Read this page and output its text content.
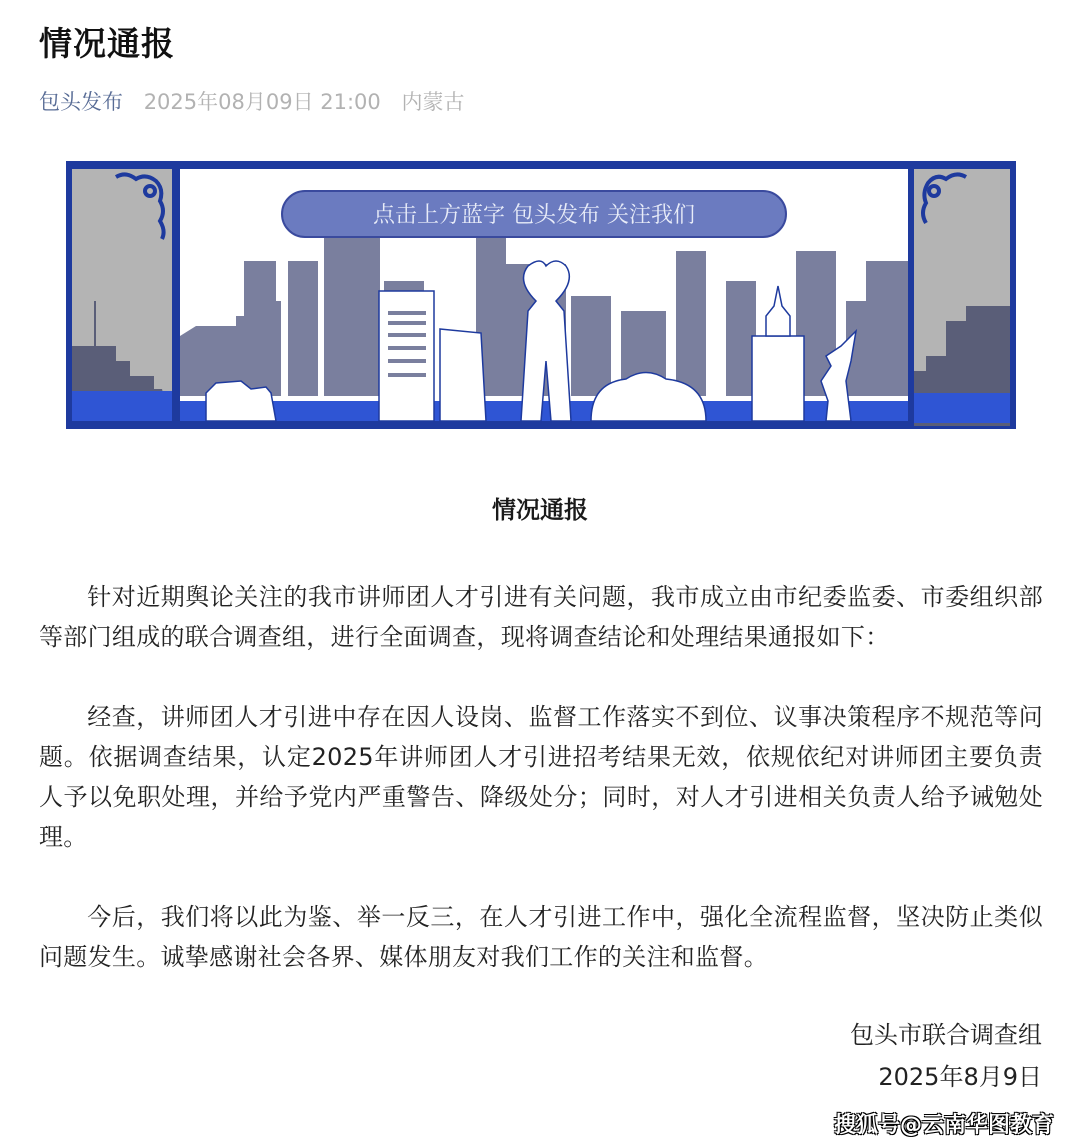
情况通报
包头发布 2025年08月09日 21:00 内蒙古
点击上方蓝字 包头发布 关注我们
情况通报
针对近期舆论关注的我市讲师团人才引进有关问题，我市成立由市纪委监委、市委组织部等部门组成的联合调查组，进行全面调查，现将调查结论和处理结果通报如下：
经查，讲师团人才引进中存在因人设岗、监督工作落实不到位、议事决策程序不规范等问题。依据调查结果，认定2025年讲师团人才引进招考结果无效，依规依纪对讲师团主要负责人予以免职处理，并给予党内严重警告、降级处分；同时，对人才引进相关负责人给予诫勉处理。
今后，我们将以此为鉴、举一反三，在人才引进工作中，强化全流程监督，坚决防止类似问题发生。诚挚感谢社会各界、媒体朋友对我们工作的关注和监督。
包头市联合调查组
2025年8月9日
搜狐号@云南华图教育
